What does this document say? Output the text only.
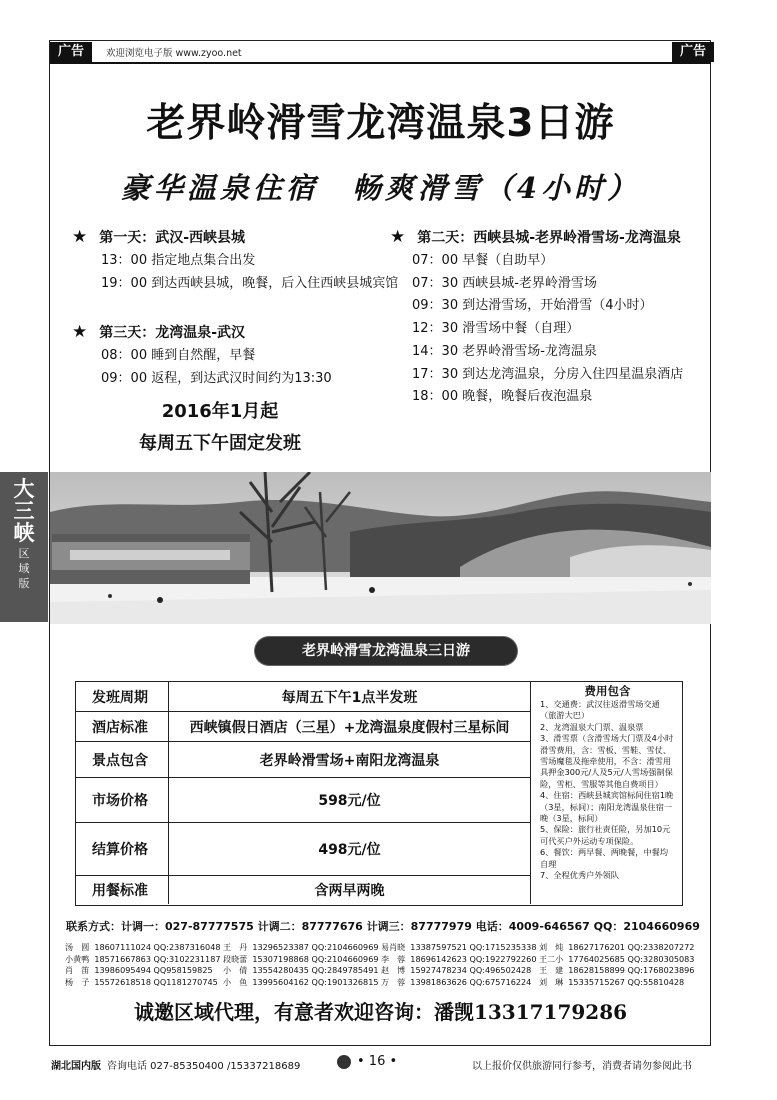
广告	欢迎浏览电子版 www.zyoo.net	广告
大
三
峡
区
域
版
老界岭滑雪龙湾温泉3日游
豪华温泉住宿　畅爽滑雪（4小时）
★ 第一天：武汉-西峡县城
13：00 指定地点集合出发
19：00 到达西峡县城，晚餐，后入住西峡县城宾馆
★ 第三天：龙湾温泉-武汉
08：00 睡到自然醒，早餐
09：00 返程，到达武汉时间约为13:30
★ 第二天：西峡县城-老界岭滑雪场-龙湾温泉
07：00 早餐（自助早）
07：30 西峡县城-老界岭滑雪场
09：30 到达滑雪场，开始滑雪（4小时）
12：30 滑雪场中餐（自理）
14：30 老界岭滑雪场-龙湾温泉
17：30 到达龙湾温泉，分房入住四星温泉酒店
18：00 晚餐，晚餐后夜泡温泉
2016年1月起
每周五下午固定发班
老界岭滑雪龙湾温泉三日游
发班周期	每周五下午1点半发班
酒店标准	西峡镇假日酒店（三星）+龙湾温泉度假村三星标间
景点包含	老界岭滑雪场+南阳龙湾温泉
市场价格	598元/位
结算价格	498元/位
用餐标准	含两早两晚
费用包含
1、交通费：武汉往返滑雪场交通（旅游大巴）
2、龙湾温泉大门票、温泉票
3、滑雪票（含滑雪场大门票及4小时滑雪费用，含：雪板、雪鞋、雪仗、雪场魔毯及拖牵使用，不含：滑雪用具押金300元/人及5元/人雪场强制保险，雪柜、雪服等其他自费项目）
4、住宿：西峡县城宾馆标间住宿1晚（3星，标间）；南阳龙湾温泉住宿一晚（3星，标间）
5、保险：旅行社责任险，另加10元可代买户外运动专项保险。
6、餐饮：两早餐、两晚餐，中餐均自理
7、全程优秀户外领队
联系方式：计调一：027-87777575 计调二：87777676 计调三：87777979 电话：4009-646567 QQ：2104660969
汤　圆	18607111024 QQ:2387316048	王　丹	13296523387 QQ:2104660969	易肖晓	13387597521 QQ:1715235338	刘　炖	18627176201 QQ:2338207272
小黄鸭	18571667863 QQ:3102231187	段晓蕾	15307198868 QQ:2104660969	李　蓉	18696142623 QQ:1922792260	王二小	17764025685 QQ:3280305083
肖　笛	13986095494 QQ958159825	小　倩	13554280435 QQ:2849785491	赵　博	15927478234 QQ:496502428	王　建	18628158899 QQ:1768023896
杨　子	15572618518 QQ1181270745	小　鱼	13995604162 QQ:1901326815	万　蓉	13981863626 QQ:675716224	刘　琳	15335715267 QQ:55810428
诚邀区域代理，有意者欢迎咨询：潘觊13317179286
湖北国内版 咨询电话 027-85350400 /15337218689	• 16 •	以上报价仅供旅游同行参考，消费者请勿参阅此书
